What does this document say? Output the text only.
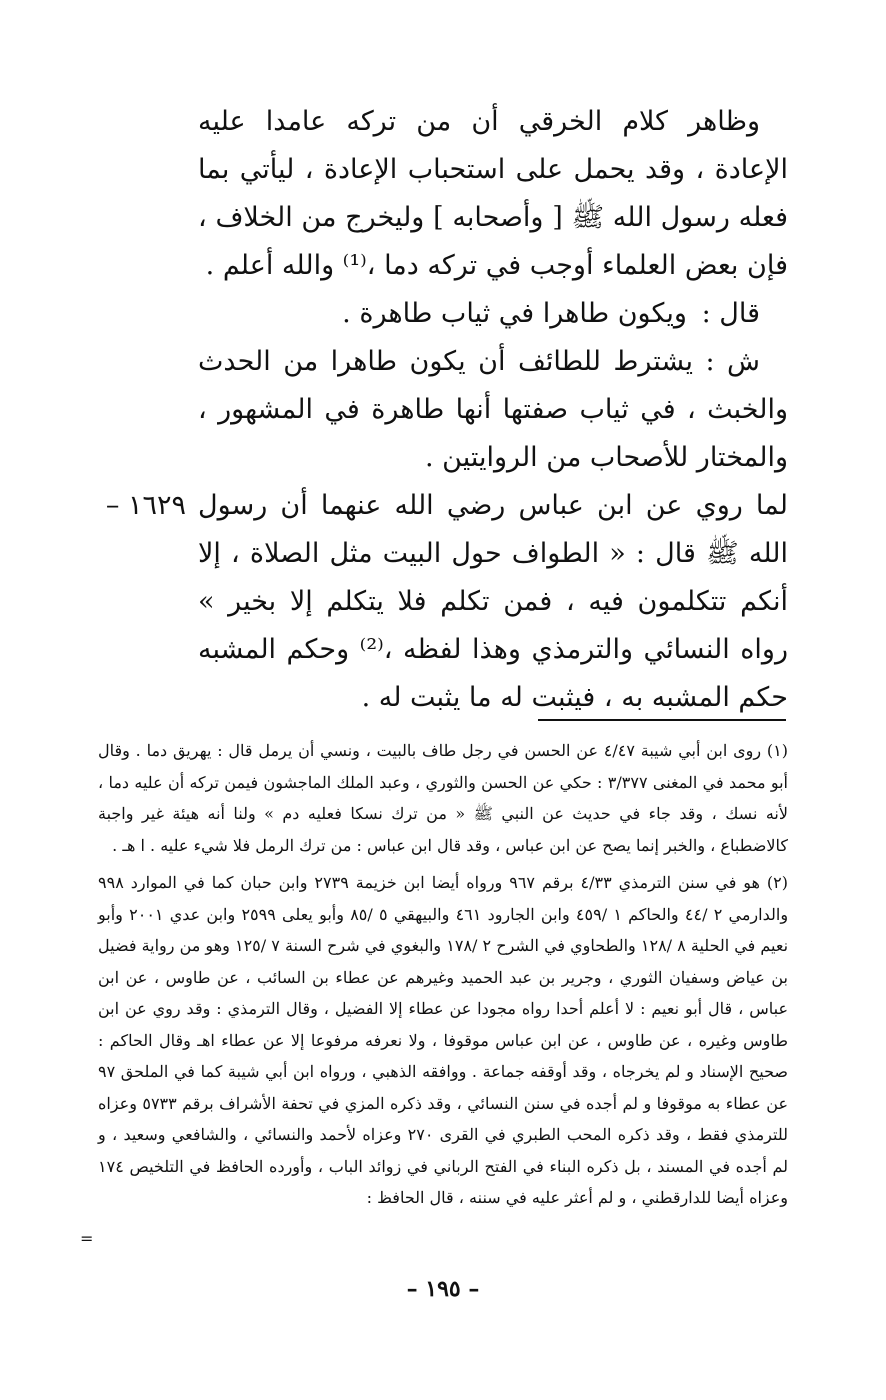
وظاهر كلام الخرقي أن من تركه عامدا عليه الإعادة ، وقد يحمل على استحباب الإعادة ، ليأتي بما فعله رسول الله ﷺ [ وأصحابه ] وليخرج من الخلاف ، فإن بعض العلماء أوجب في تركه دما ،⁽¹⁾ والله أعلم .

قال : ويكون طاهرا في ثياب طاهرة .

ش : يشترط للطائف أن يكون طاهرا من الحدث والخبث ، في ثياب صفتها أنها طاهرة في المشهور ، والمختار للأصحاب من الروايتين .

١٦٢٩ – لما روي عن ابن عباس رضي الله عنهما أن رسول الله ﷺ قال : « الطواف حول البيت مثل الصلاة ، إلا أنكم تتكلمون فيه ، فمن تكلم فلا يتكلم إلا بخير » رواه النسائي والترمذي وهذا لفظه ،⁽²⁾ وحكم المشبه حكم المشبه به ، فيثبت له ما يثبت له .

(١) روى ابن أبي شيبة ٤/٤٧ عن الحسن في رجل طاف بالبيت ، ونسي أن يرمل قال : يهريق دما . وقال أبو محمد في المغنى ٣/٣٧٧ : حكي عن الحسن والثوري ، وعبد الملك الماجشون فيمن تركه أن عليه دما ، لأنه نسك ، وقد جاء في حديث عن النبي ﷺ « من ترك نسكا فعليه دم » ولنا أنه هيئة غير واجبة كالاضطباع ، والخبر إنما يصح عن ابن عباس ، وقد قال ابن عباس : من ترك الرمل فلا شيء عليه . ا هـ .

(٢) هو في سنن الترمذي ٤/٣٣ برقم ٩٦٧ ورواه أيضا ابن خزيمة ٢٧٣٩ وابن حبان كما في الموارد ٩٩٨ والدارمي ٢ /٤٤ والحاكم ١ /٤٥٩ وابن الجارود ٤٦١ والبيهقي ٥ /٨٥ وأبو يعلى ٢٥٩٩ وابن عدي ٢٠٠١ وأبو نعيم في الحلية ٨ /١٢٨ والطحاوي في الشرح ٢ /١٧٨ والبغوي في شرح السنة ٧ /١٢٥ وهو من رواية فضيل بن عياض وسفيان الثوري ، وجرير بن عبد الحميد وغيرهم عن عطاء بن السائب ، عن طاوس ، عن ابن عباس ، قال أبو نعيم : لا أعلم أحدا رواه مجودا عن عطاء إلا الفضيل ، وقال الترمذي : وقد روي عن ابن طاوس وغيره ، عن طاوس ، عن ابن عباس موقوفا ، ولا نعرفه مرفوعا إلا عن عطاء اهـ وقال الحاكم : صحيح الإسناد و لم يخرجاه ، وقد أوقفه جماعة . ووافقه الذهبي ، ورواه ابن أبي شيبة كما في الملحق ٩٧ عن عطاء به موقوفا و لم أجده في سنن النسائي ، وقد ذكره المزي في تحفة الأشراف برقم ٥٧٣٣ وعزاه للترمذي فقط ، وقد ذكره المحب الطبري في القرى ٢٧٠ وعزاه لأحمد والنسائي ، والشافعي وسعيد ، و لم أجده في المسند ، بل ذكره البناء في الفتح الرباني في زوائد الباب ، وأورده الحافظ في التلخيص ١٧٤ وعزاه أيضا للدارقطني ، و لم أعثر عليه في سننه ، قال الحافظ :

=
– ١٩٥ –
